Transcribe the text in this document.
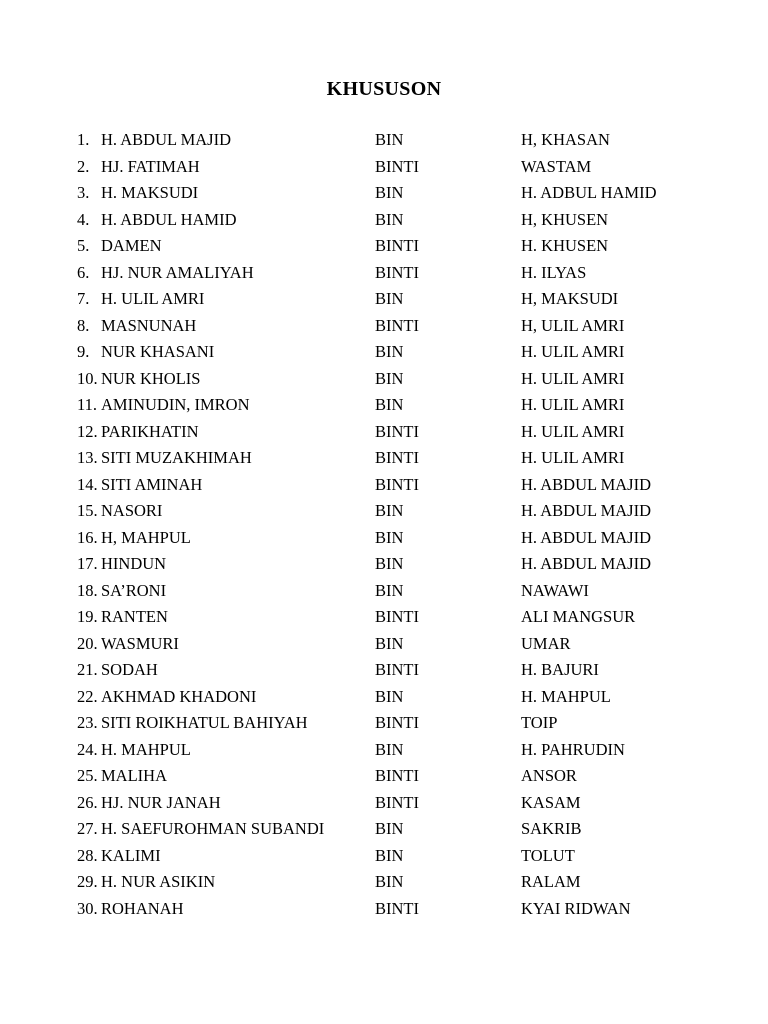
KHUSUSON
1. H. ABDUL MAJID	BIN	H, KHASAN
2. HJ. FATIMAH	BINTI	WASTAM
3. H. MAKSUDI	BIN	H. ADBUL HAMID
4. H. ABDUL HAMID	BIN	H, KHUSEN
5. DAMEN	BINTI	H. KHUSEN
6. HJ. NUR AMALIYAH	BINTI	H. ILYAS
7. H. ULIL AMRI	BIN	H, MAKSUDI
8. MASNUNAH	BINTI	H, ULIL AMRI
9. NUR KHASANI	BIN	H. ULIL AMRI
10. NUR KHOLIS	BIN	H. ULIL AMRI
11. AMINUDIN, IMRON	BIN	H. ULIL AMRI
12. PARIKHATIN	BINTI	H. ULIL AMRI
13. SITI MUZAKHIMAH	BINTI	H. ULIL AMRI
14. SITI AMINAH	BINTI	H. ABDUL MAJID
15. NASORI	BIN	H. ABDUL MAJID
16. H, MAHPUL	BIN	H. ABDUL MAJID
17. HINDUN	BIN	H. ABDUL MAJID
18. SA’RONI	BIN	NAWAWI
19. RANTEN	BINTI	ALI MANGSUR
20. WASMURI	BIN	UMAR
21. SODAH	BINTI	H. BAJURI
22. AKHMAD KHADONI	BIN	H. MAHPUL
23. SITI ROIKHATUL BAHIYAH	BINTI	TOIP
24. H. MAHPUL	BIN	H. PAHRUDIN
25. MALIHA	BINTI	ANSOR
26. HJ. NUR JANAH	BINTI	KASAM
27. H. SAEFUROHMAN SUBANDI	BIN	SAKRIB
28. KALIMI	BIN	TOLUT
29. H. NUR ASIKIN	BIN	RALAM
30. ROHANAH	BINTI	KYAI RIDWAN
